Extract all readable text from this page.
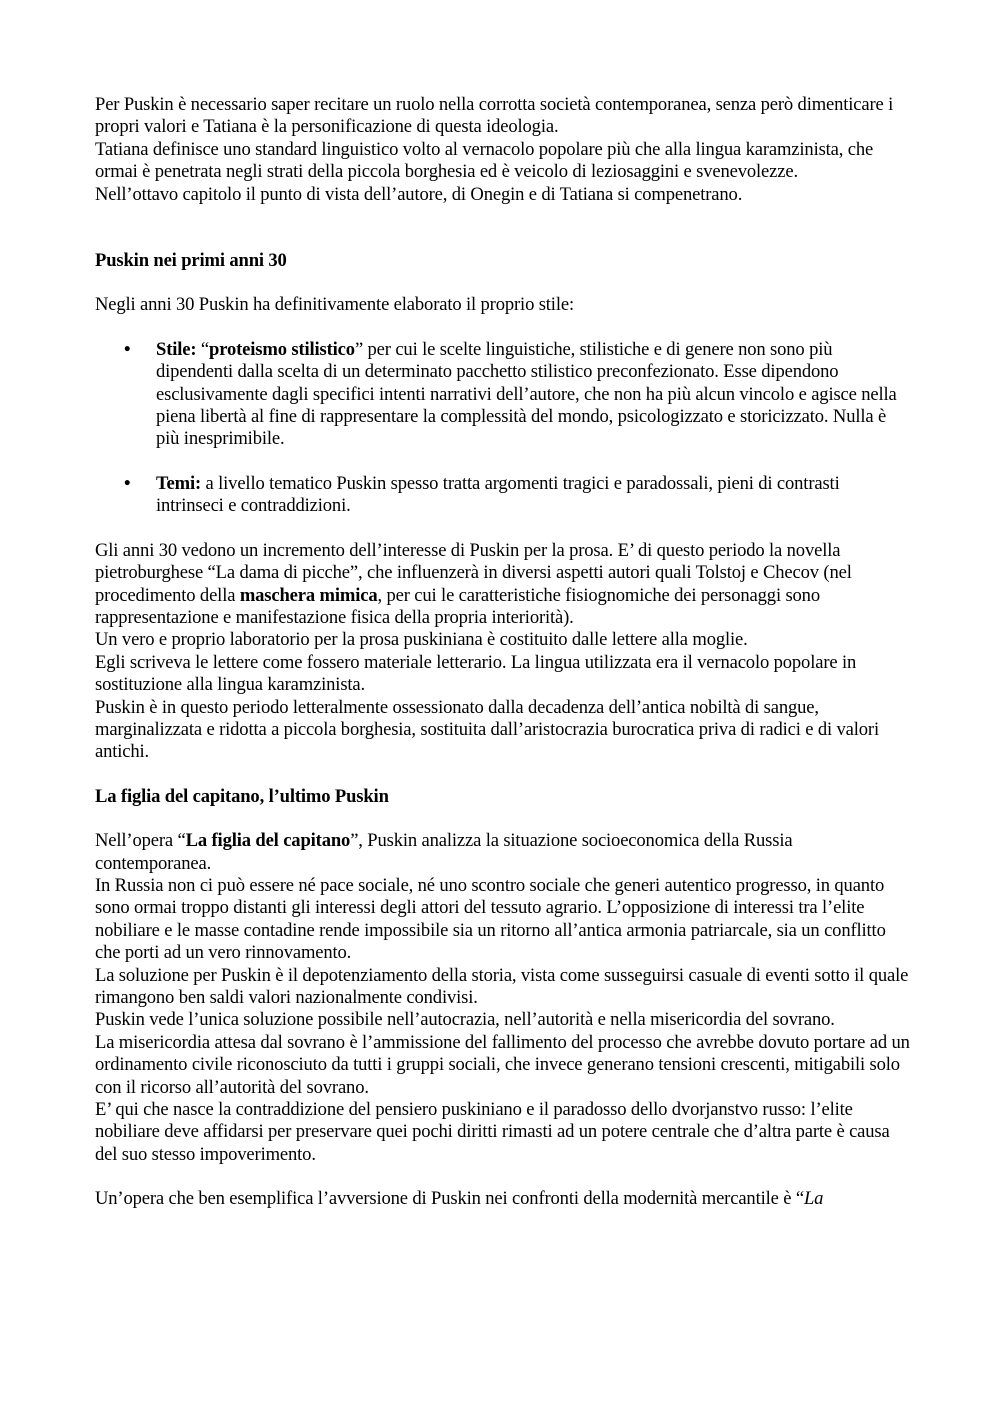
Per Puskin è necessario saper recitare un ruolo nella corrotta società contemporanea, senza però dimenticare i propri valori e Tatiana è la personificazione di questa ideologia.

Tatiana definisce uno standard linguistico volto al vernacolo popolare più che alla lingua karamzinista, che ormai è penetrata negli strati della piccola borghesia ed è veicolo di leziosaggini e svenevolezze.

Nell’ottavo capitolo il punto di vista dell’autore, di Onegin e di Tatiana si compenetrano.

Puskin nei primi anni 30

Negli anni 30 Puskin ha definitivamente elaborato il proprio stile:

• Stile: “proteismo stilistico” per cui le scelte linguistiche, stilistiche e di genere non sono più dipendenti dalla scelta di un determinato pacchetto stilistico preconfezionato. Esse dipendono esclusivamente dagli specifici intenti narrativi dell’autore, che non ha più alcun vincolo e agisce nella piena libertà al fine di rappresentare la complessità del mondo, psicologizzato e storicizzato. Nulla è più inesprimibile.
• Temi: a livello tematico Puskin spesso tratta argomenti tragici e paradossali, pieni di contrasti intrinseci e contraddizioni.

Gli anni 30 vedono un incremento dell’interesse di Puskin per la prosa. E’ di questo periodo la novella pietroburghese “La dama di picche”, che influenzerà in diversi aspetti autori quali Tolstoj e Checov (nel procedimento della maschera mimica, per cui le caratteristiche fisiognomiche dei personaggi sono rappresentazione e manifestazione fisica della propria interiorità).

Un vero e proprio laboratorio per la prosa puskiniana è costituito dalle lettere alla moglie.

Egli scriveva le lettere come fossero materiale letterario. La lingua utilizzata era il vernacolo popolare in sostituzione alla lingua karamzinista.

Puskin è in questo periodo letteralmente ossessionato dalla decadenza dell’antica nobiltà di sangue, marginalizzata e ridotta a piccola borghesia, sostituita dall’aristocrazia burocratica priva di radici e di valori antichi.

La figlia del capitano, l’ultimo Puskin

Nell’opera “La figlia del capitano”, Puskin analizza la situazione socioeconomica della Russia contemporanea.

In Russia non ci può essere né pace sociale, né uno scontro sociale che generi autentico progresso, in quanto sono ormai troppo distanti gli interessi degli attori del tessuto agrario. L’opposizione di interessi tra l’elite nobiliare e le masse contadine rende impossibile sia un ritorno all’antica armonia patriarcale, sia un conflitto che porti ad un vero rinnovamento.

La soluzione per Puskin è il depotenziamento della storia, vista come susseguirsi casuale di eventi sotto il quale rimangono ben saldi valori nazionalmente condivisi.

Puskin vede l’unica soluzione possibile nell’autocrazia, nell’autorità e nella misericordia del sovrano.

La misericordia attesa dal sovrano è l’ammissione del fallimento del processo che avrebbe dovuto portare ad un ordinamento civile riconosciuto da tutti i gruppi sociali, che invece generano tensioni crescenti, mitigabili solo con il ricorso all’autorità del sovrano.

E’ qui che nasce la contraddizione del pensiero puskiniano e il paradosso dello dvorjanstvo russo: l’elite nobiliare deve affidarsi per preservare quei pochi diritti rimasti ad un potere centrale che d’altra parte è causa del suo stesso impoverimento.

Un’opera che ben esemplifica l’avversione di Puskin nei confronti della modernità mercantile è “La
